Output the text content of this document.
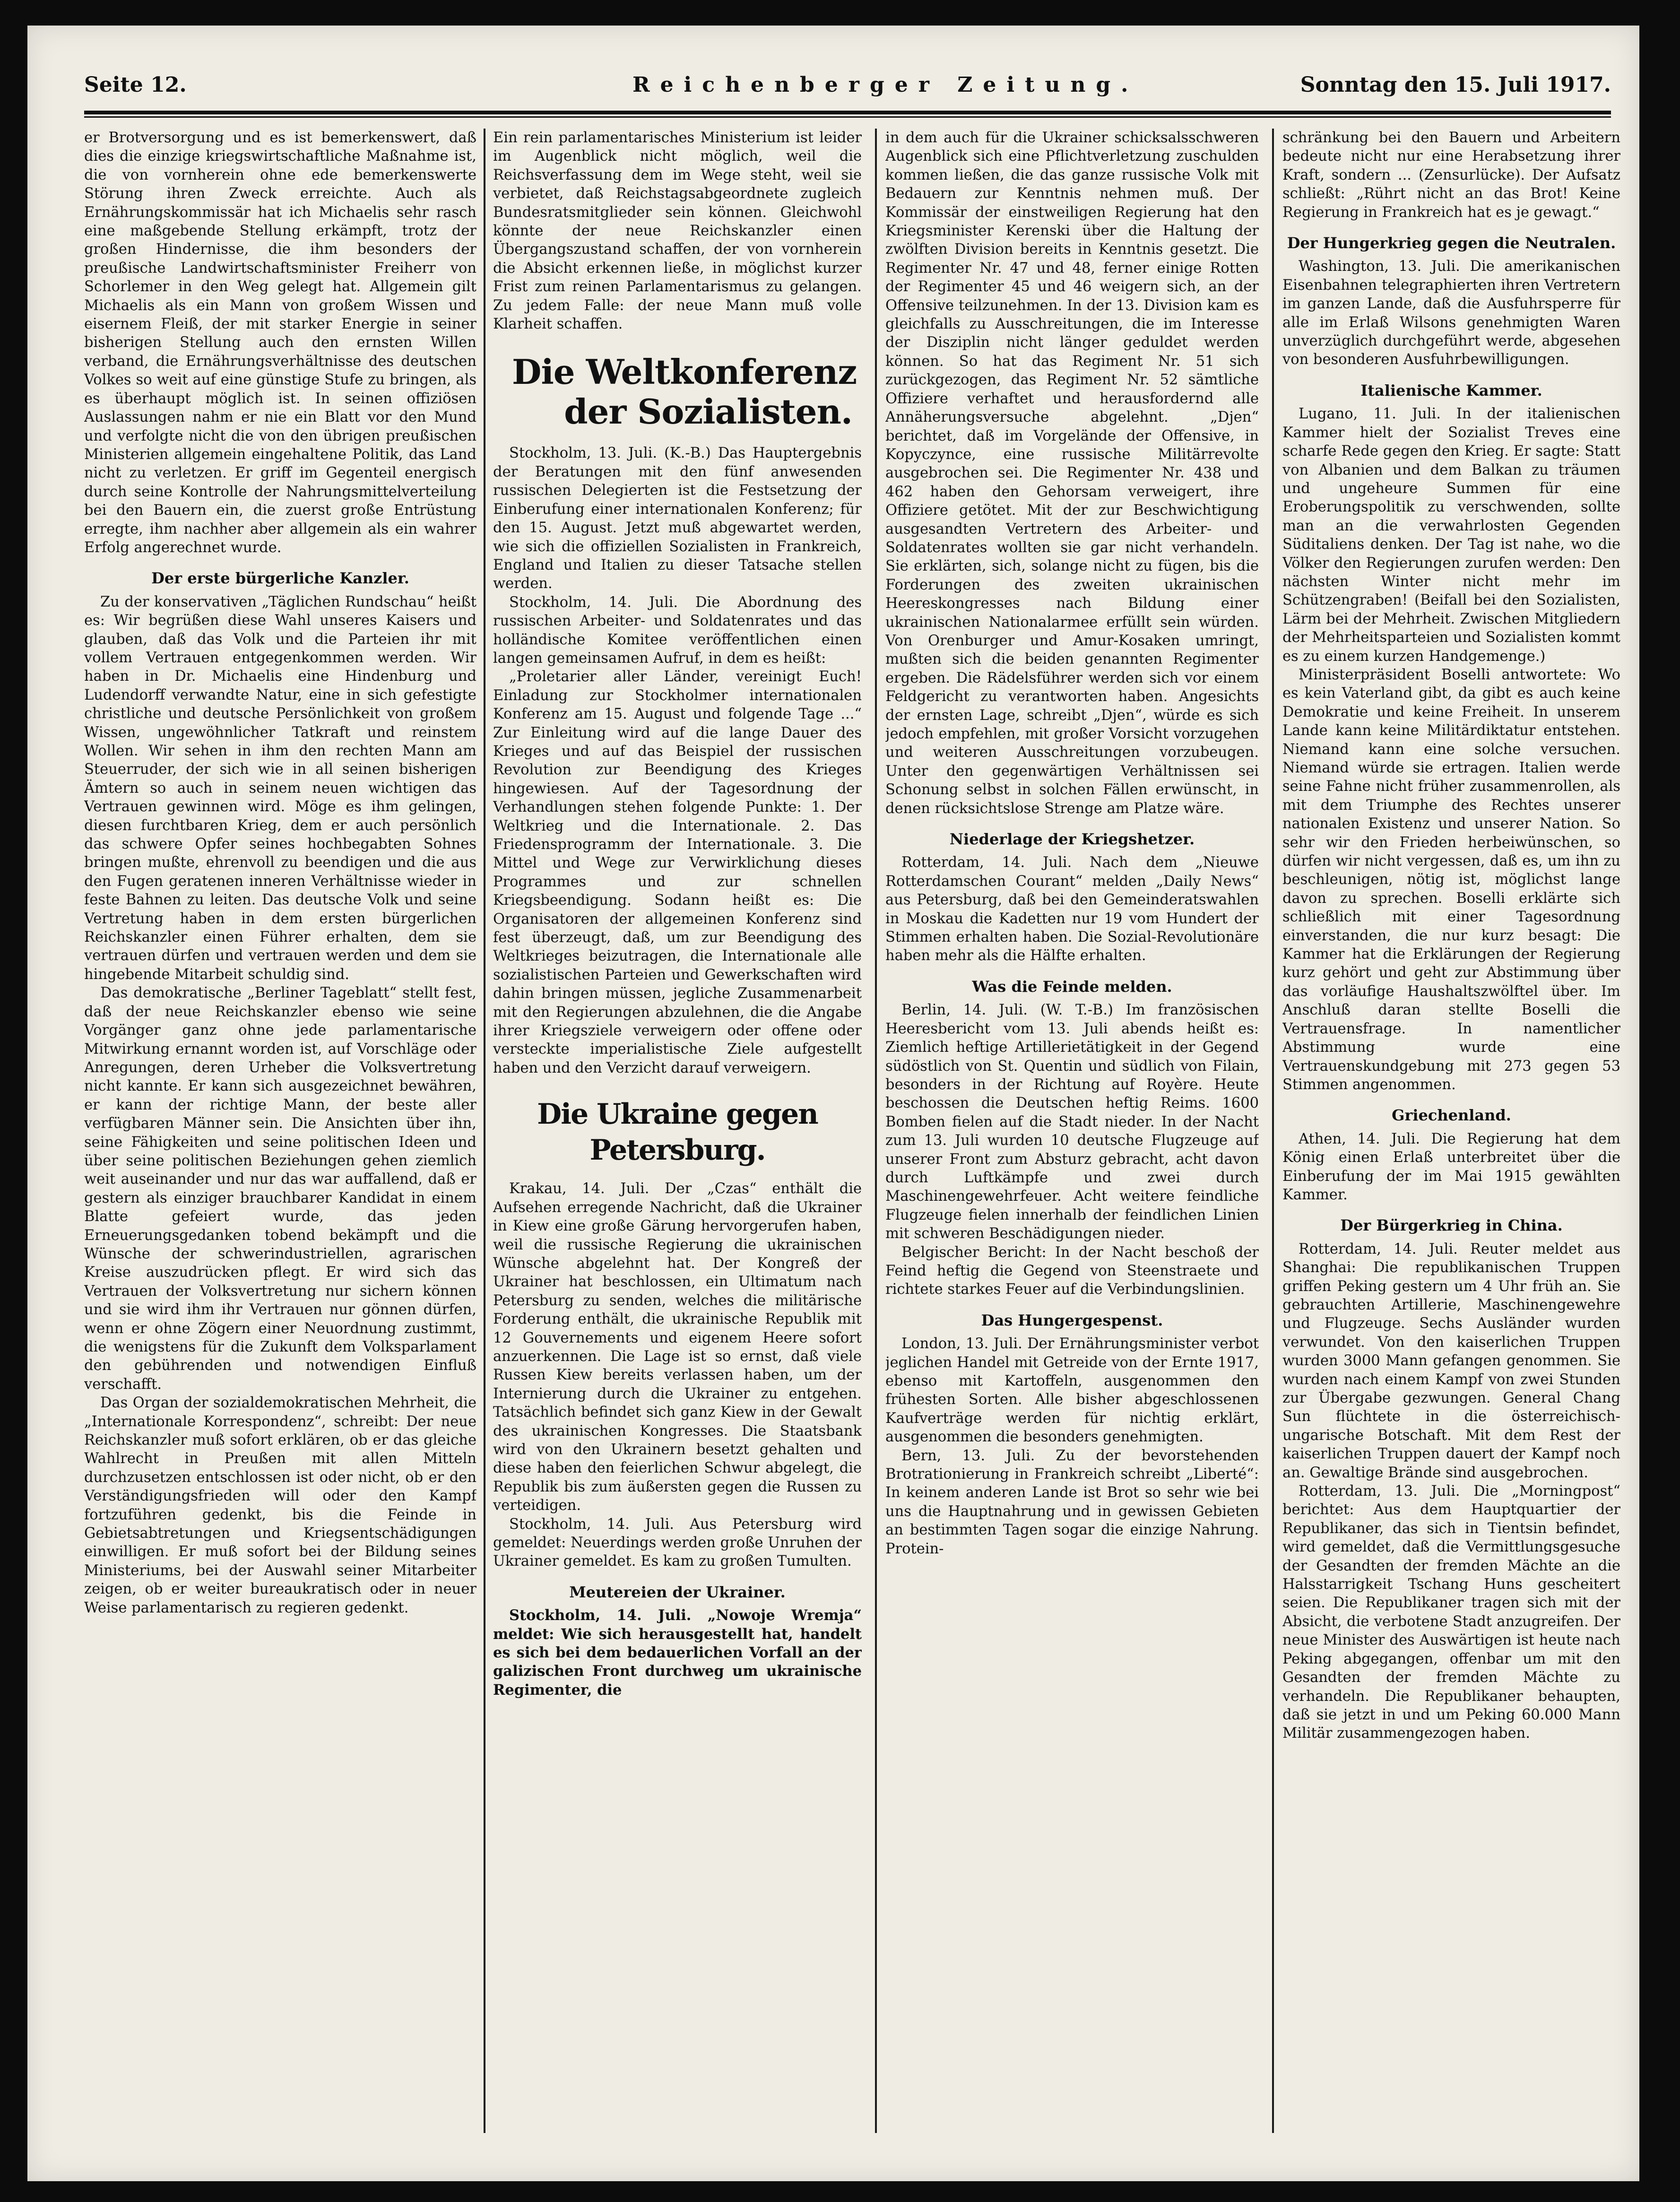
Seite 12.	Reichenberger Zeitung.	Sonntag den 15. Juli 1917.

er Brotversorgung und es ist bemerkenswert, daß dies die einzige kriegswirtschaftliche Maßnahme ist, die von vornherein ohne ede bemerkenswerte Störung ihren Zweck erreichte. Auch als Ernährungskommissär hat ich Michaelis sehr rasch eine maßgebende Stellung erkämpft, trotz der großen Hindernisse, die ihm besonders der preußische Landwirtschaftsminister Freiherr von Schorlemer in den Weg gelegt hat. Allgemein gilt Michaelis als ein Mann von großem Wissen und eisernem Fleiß, der mit starker Energie in seiner bisherigen Stellung auch den ernsten Willen verband, die Ernährungsverhältnisse des deutschen Volkes so weit auf eine günstige Stufe zu bringen, als es überhaupt möglich ist. In seinen offiziösen Auslassungen nahm er nie ein Blatt vor den Mund und verfolgte nicht die von den übrigen preußischen Ministerien allgemein eingehaltene Politik, das Land nicht zu verletzen. Er griff im Gegenteil energisch durch seine Kontrolle der Nahrungsmittelverteilung bei den Bauern ein, die zuerst große Entrüstung erregte, ihm nachher aber allgemein als ein wahrer Erfolg angerechnet wurde.

Der erste bürgerliche Kanzler.

Zu der konservativen „Täglichen Rundschau“ heißt es: Wir begrüßen diese Wahl unseres Kaisers und glauben, daß das Volk und die Parteien ihr mit vollem Vertrauen entgegenkommen werden. Wir haben in Dr. Michaelis eine Hindenburg und Ludendorff verwandte Natur, eine in sich gefestigte christliche und deutsche Persönlichkeit von großem Wissen, ungewöhnlicher Tatkraft und reinstem Wollen. Wir sehen in ihm den rechten Mann am Steuerruder, der sich wie in all seinen bisherigen Ämtern so auch in seinem neuen wichtigen das Vertrauen gewinnen wird. Möge es ihm gelingen, diesen furchtbaren Krieg, dem er auch persönlich das schwere Opfer seines hochbegabten Sohnes bringen mußte, ehrenvoll zu beendigen und die aus den Fugen geratenen inneren Verhältnisse wieder in feste Bahnen zu leiten. Das deutsche Volk und seine Vertretung haben in dem ersten bürgerlichen Reichskanzler einen Führer erhalten, dem sie vertrauen dürfen und vertrauen werden und dem sie hingebende Mitarbeit schuldig sind.

Das demokratische „Berliner Tageblatt“ stellt fest, daß der neue Reichskanzler ebenso wie seine Vorgänger ganz ohne jede parlamentarische Mitwirkung ernannt worden ist, auf Vorschläge oder Anregungen, deren Urheber die Volksvertretung nicht kannte. Er kann sich ausgezeichnet bewähren, er kann der richtige Mann, der beste aller verfügbaren Männer sein. Die Ansichten über ihn, seine Fähigkeiten und seine politischen Ideen und über seine politischen Beziehungen gehen ziemlich weit auseinander und nur das war auffallend, daß er gestern als einziger brauchbarer Kandidat in einem Blatte gefeiert wurde, das jeden Erneuerungsgedanken tobend bekämpft und die Wünsche der schwerindustriellen, agrarischen Kreise auszudrücken pflegt. Er wird sich das Vertrauen der Volksvertretung nur sichern können und sie wird ihm ihr Vertrauen nur gönnen dürfen, wenn er ohne Zögern einer Neuordnung zustimmt, die wenigstens für die Zukunft dem Volksparlament den gebührenden und notwendigen Einfluß verschafft.

Das Organ der sozialdemokratischen Mehrheit, die „Internationale Korrespondenz“, schreibt: Der neue Reichskanzler muß sofort erklären, ob er das gleiche Wahlrecht in Preußen mit allen Mitteln durchzusetzen entschlossen ist oder nicht, ob er den Verständigungsfrieden will oder den Kampf fortzuführen gedenkt, bis die Feinde in Gebietsabtretungen und Kriegsentschädigungen einwilligen. Er muß sofort bei der Bildung seines Ministeriums, bei der Auswahl seiner Mitarbeiter zeigen, ob er weiter bureaukratisch oder in neuer Weise parlamentarisch zu regieren gedenkt.

Ein rein parlamentarisches Ministerium ist leider im Augenblick nicht möglich, weil die Reichsverfassung dem im Wege steht, weil sie verbietet, daß Reichstagsabgeordnete zugleich Bundesratsmitglieder sein können. Gleichwohl könnte der neue Reichskanzler einen Übergangszustand schaffen, der von vornherein die Absicht erkennen ließe, in möglichst kurzer Frist zum reinen Parlamentarismus zu gelangen. Zu jedem Falle: der neue Mann muß volle Klarheit schaffen.

Die Weltkonferenz
der Sozialisten.

Stockholm, 13. Juli. (K.-B.) Das Hauptergebnis der Beratungen mit den fünf anwesenden russischen Delegierten ist die Festsetzung der Einberufung einer internationalen Konferenz; für den 15. August. Jetzt muß abgewartet werden, wie sich die offiziellen Sozialisten in Frankreich, England und Italien zu dieser Tatsache stellen werden.

Stockholm, 14. Juli. Die Abordnung des russischen Arbeiter- und Soldatenrates und das holländische Komitee veröffentlichen einen langen gemeinsamen Aufruf, in dem es heißt:

„Proletarier aller Länder, vereinigt Euch! Einladung zur Stockholmer internationalen Konferenz am 15. August und folgende Tage ...“ Zur Einleitung wird auf die lange Dauer des Krieges und auf das Beispiel der russischen Revolution zur Beendigung des Krieges hingewiesen. Auf der Tagesordnung der Verhandlungen stehen folgende Punkte: 1. Der Weltkrieg und die Internationale. 2. Das Friedensprogramm der Internationale. 3. Die Mittel und Wege zur Verwirklichung dieses Programmes und zur schnellen Kriegsbeendigung. Sodann heißt es: Die Organisatoren der allgemeinen Konferenz sind fest überzeugt, daß, um zur Beendigung des Weltkrieges beizutragen, die Internationale alle sozialistischen Parteien und Gewerkschaften wird dahin bringen müssen, jegliche Zusammenarbeit mit den Regierungen abzulehnen, die die Angabe ihrer Kriegsziele verweigern oder offene oder versteckte imperialistische Ziele aufgestellt haben und den Verzicht darauf verweigern.

Die Ukraine gegen Petersburg.

Krakau, 14. Juli. Der „Czas“ enthält die Aufsehen erregende Nachricht, daß die Ukrainer in Kiew eine große Gärung hervorgerufen haben, weil die russische Regierung die ukrainischen Wünsche abgelehnt hat. Der Kongreß der Ukrainer hat beschlossen, ein Ultimatum nach Petersburg zu senden, welches die militärische Forderung enthält, die ukrainische Republik mit 12 Gouvernements und eigenem Heere sofort anzuerkennen. Die Lage ist so ernst, daß viele Russen Kiew bereits verlassen haben, um der Internierung durch die Ukrainer zu entgehen. Tatsächlich befindet sich ganz Kiew in der Gewalt des ukrainischen Kongresses. Die Staatsbank wird von den Ukrainern besetzt gehalten und diese haben den feierlichen Schwur abgelegt, die Republik bis zum äußersten gegen die Russen zu verteidigen.

Stockholm, 14. Juli. Aus Petersburg wird gemeldet: Neuerdings werden große Unruhen der Ukrainer gemeldet. Es kam zu großen Tumulten.

Meutereien der Ukrainer.

Stockholm, 14. Juli. „Nowoje Wremja“ meldet: Wie sich herausgestellt hat, handelt es sich bei dem bedauerlichen Vorfall an der galizischen Front durchweg um ukrainische Regimenter, die

in dem auch für die Ukrainer schicksalsschweren Augenblick sich eine Pflichtverletzung zuschulden kommen ließen, die das ganze russische Volk mit Bedauern zur Kenntnis nehmen muß. Der Kommissär der einstweiligen Regierung hat den Kriegsminister Kerenski über die Haltung der zwölften Division bereits in Kenntnis gesetzt. Die Regimenter Nr. 47 und 48, ferner einige Rotten der Regimenter 45 und 46 weigern sich, an der Offensive teilzunehmen. In der 13. Division kam es gleichfalls zu Ausschreitungen, die im Interesse der Disziplin nicht länger geduldet werden können. So hat das Regiment Nr. 51 sich zurückgezogen, das Regiment Nr. 52 sämtliche Offiziere verhaftet und herausfordernd alle Annäherungsversuche abgelehnt. „Djen“ berichtet, daß im Vorgelände der Offensive, in Kopyczynce, eine russische Militärrevolte ausgebrochen sei. Die Regimenter Nr. 438 und 462 haben den Gehorsam verweigert, ihre Offiziere getötet. Mit der zur Beschwichtigung ausgesandten Vertretern des Arbeiter- und Soldatenrates wollten sie gar nicht verhandeln. Sie erklärten, sich, solange nicht zu fügen, bis die Forderungen des zweiten ukrainischen Heereskongresses nach Bildung einer ukrainischen Nationalarmee erfüllt sein würden. Von Orenburger und Amur-Kosaken umringt, mußten sich die beiden genannten Regimenter ergeben. Die Rädelsführer werden sich vor einem Feldgericht zu verantworten haben. Angesichts der ernsten Lage, schreibt „Djen“, würde es sich jedoch empfehlen, mit großer Vorsicht vorzugehen und weiteren Ausschreitungen vorzubeugen. Unter den gegenwärtigen Verhältnissen sei Schonung selbst in solchen Fällen erwünscht, in denen rücksichtslose Strenge am Platze wäre.

Niederlage der Kriegshetzer.

Rotterdam, 14. Juli. Nach dem „Nieuwe Rotterdamschen Courant“ melden „Daily News“ aus Petersburg, daß bei den Gemeinderatswahlen in Moskau die Kadetten nur 19 vom Hundert der Stimmen erhalten haben. Die Sozial-Revolutionäre haben mehr als die Hälfte erhalten.

Was die Feinde melden.

Berlin, 14. Juli. (W. T.-B.) Im französischen Heeresbericht vom 13. Juli abends heißt es: Ziemlich heftige Artillerietätigkeit in der Gegend südöstlich von St. Quentin und südlich von Filain, besonders in der Richtung auf Royère. Heute beschossen die Deutschen heftig Reims. 1600 Bomben fielen auf die Stadt nieder. In der Nacht zum 13. Juli wurden 10 deutsche Flugzeuge auf unserer Front zum Absturz gebracht, acht davon durch Luftkämpfe und zwei durch Maschinengewehrfeuer. Acht weitere feindliche Flugzeuge fielen innerhalb der feindlichen Linien mit schweren Beschädigungen nieder.

Belgischer Bericht: In der Nacht beschoß der Feind heftig die Gegend von Steenstraete und richtete starkes Feuer auf die Verbindungslinien.

Das Hungergespenst.

London, 13. Juli. Der Ernährungsminister verbot jeglichen Handel mit Getreide von der Ernte 1917, ebenso mit Kartoffeln, ausgenommen den frühesten Sorten. Alle bisher abgeschlossenen Kaufverträge werden für nichtig erklärt, ausgenommen die besonders genehmigten.

Bern, 13. Juli. Zu der bevorstehenden Brotrationierung in Frankreich schreibt „Liberté“: In keinem anderen Lande ist Brot so sehr wie bei uns die Hauptnahrung und in gewissen Gebieten an bestimmten Tagen sogar die einzige Nahrung. Protein-

schränkung bei den Bauern und Arbeitern bedeute nicht nur eine Herabsetzung ihrer Kraft, sondern ... (Zensurlücke). Der Aufsatz schließt: „Rührt nicht an das Brot! Keine Regierung in Frankreich hat es je gewagt.“

Der Hungerkrieg gegen die Neutralen.

Washington, 13. Juli. Die amerikanischen Eisenbahnen telegraphierten ihren Vertretern im ganzen Lande, daß die Ausfuhrsperre für alle im Erlaß Wilsons genehmigten Waren unverzüglich durchgeführt werde, abgesehen von besonderen Ausfuhrbewilligungen.

Italienische Kammer.

Lugano, 11. Juli. In der italienischen Kammer hielt der Sozialist Treves eine scharfe Rede gegen den Krieg. Er sagte: Statt von Albanien und dem Balkan zu träumen und ungeheure Summen für eine Eroberungspolitik zu verschwenden, sollte man an die verwahrlosten Gegenden Süditaliens denken. Der Tag ist nahe, wo die Völker den Regierungen zurufen werden: Den nächsten Winter nicht mehr im Schützengraben! (Beifall bei den Sozialisten, Lärm bei der Mehrheit. Zwischen Mitgliedern der Mehrheitsparteien und Sozialisten kommt es zu einem kurzen Handgemenge.)

Ministerpräsident Boselli antwortete: Wo es kein Vaterland gibt, da gibt es auch keine Demokratie und keine Freiheit. In unserem Lande kann keine Militärdiktatur entstehen. Niemand kann eine solche versuchen. Niemand würde sie ertragen. Italien werde seine Fahne nicht früher zusammenrollen, als mit dem Triumphe des Rechtes unserer nationalen Existenz und unserer Nation. So sehr wir den Frieden herbeiwünschen, so dürfen wir nicht vergessen, daß es, um ihn zu beschleunigen, nötig ist, möglichst lange davon zu sprechen. Boselli erklärte sich schließlich mit einer Tagesordnung einverstanden, die nur kurz besagt: Die Kammer hat die Erklärungen der Regierung kurz gehört und geht zur Abstimmung über das vorläufige Haushaltszwölftel über. Im Anschluß daran stellte Boselli die Vertrauensfrage. In namentlicher Abstimmung wurde eine Vertrauenskundgebung mit 273 gegen 53 Stimmen angenommen.

Griechenland.

Athen, 14. Juli. Die Regierung hat dem König einen Erlaß unterbreitet über die Einberufung der im Mai 1915 gewählten Kammer.

Der Bürgerkrieg in China.

Rotterdam, 14. Juli. Reuter meldet aus Shanghai: Die republikanischen Truppen griffen Peking gestern um 4 Uhr früh an. Sie gebrauchten Artillerie, Maschinengewehre und Flugzeuge. Sechs Ausländer wurden verwundet. Von den kaiserlichen Truppen wurden 3000 Mann gefangen genommen. Sie wurden nach einem Kampf von zwei Stunden zur Übergabe gezwungen. General Chang Sun flüchtete in die österreichisch-ungarische Botschaft. Mit dem Rest der kaiserlichen Truppen dauert der Kampf noch an. Gewaltige Brände sind ausgebrochen.

Rotterdam, 13. Juli. Die „Morningpost“ berichtet: Aus dem Hauptquartier der Republikaner, das sich in Tientsin befindet, wird gemeldet, daß die Vermittlungsgesuche der Gesandten der fremden Mächte an die Halsstarrigkeit Tschang Huns gescheitert seien. Die Republikaner tragen sich mit der Absicht, die verbotene Stadt anzugreifen. Der neue Minister des Auswärtigen ist heute nach Peking abgegangen, offenbar um mit den Gesandten der fremden Mächte zu verhandeln. Die Republikaner behaupten, daß sie jetzt in und um Peking 60.000 Mann Militär zusammengezogen haben.
